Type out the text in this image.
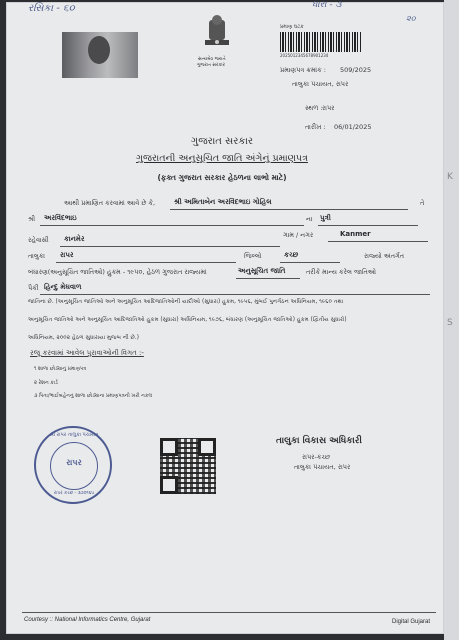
K
S
રસિકા - ૬૦	ધારા - ૩
૨૦
સત્યમેવ જયતે
ગુજરાત સરકાર
પ્રમાણ ઘટક
2025012345678901234
પ્રમાણપત્ર ક્રમાંક : 509/2025
તાલુકા પંચાયત, રાપર
સ્થળ : રાપર
તારીખ : 06/01/2025
ગુજરાત સરકાર
ગુજરાતની અનુસૂચિત જાતિ અંગેનું પ્રમાણપત્ર
(ફક્ત ગુજરાત સરકાર હેઠળના લાભો માટે)
આથી પ્રમાણિત કરવામાં આવે છે કે,	શ્રી અમિતાબેન અરવિંદભાઇ ગોહિલ	તે
શ્રી અરવિંદભાઇ	ના પુત્રી
રહેવાસી કાનમેર	ગામ / નગર	Kanmer
તાલુકા રાપર	જિલ્લો	કચ્છ	રાજ્યો અંતર્ગત
બંધારણ(અનુસૂચિત જાતિઓ) હુકમ - ૧૯૫૦, હેઠળ ગુજરાત રાજ્યમાં	અનુસૂચિત જાતિ	તરીકે માન્ય કરેલ જાતિઓ
પૈકી હિન્દુ મેઘવાળ
જાતિના છે. (અનુસૂચિત જાતિઓ અને અનુસૂચિત આદિજાતિઓની યાદીઓ (સુધારા) હુકમ, ૧૯૫૬, મુંબઈ પુનર્ગઠન અધિનિયમ, ૧૯૬૦ તથા
અનુસૂચિત જાતિઓ અને અનુસૂચિત આદિજાતિઓ હુકમ (સુધારા) અધિનિયમ, ૧૯૭૬, બંધારણ (અનુસૂચિત જાતિઓ) હુકમ (દ્વિતીય સુધારો)
અધિનિયમ, ૨૦૦૨ હેઠળ સુધારાયા મુજબ ની છે.)
રજૂ કરવામાં આવેલ પુરાવાઓની વિગત :-
૧ શાળા છોડ્યાનું પ્રમાણપત્ર
૨ રેશન કાર્ડ
૩ પિતા/ભાઈબહેનનું શાળા છોડ્યાના પ્રમાણપત્રની ખરી નકલ
શ્રી રાપર તાલુકા પંચાયત
રાપર
રાપર કચ્છ - ૩૭૦૧૬૫
તાલુકા વિકાસ અધિકારી
રાપર-કચ્છ
તાલુકા પંચાયત, રાપર
Courtesy :: National Informatics Centre, Gujarat	Digital Gujarat
